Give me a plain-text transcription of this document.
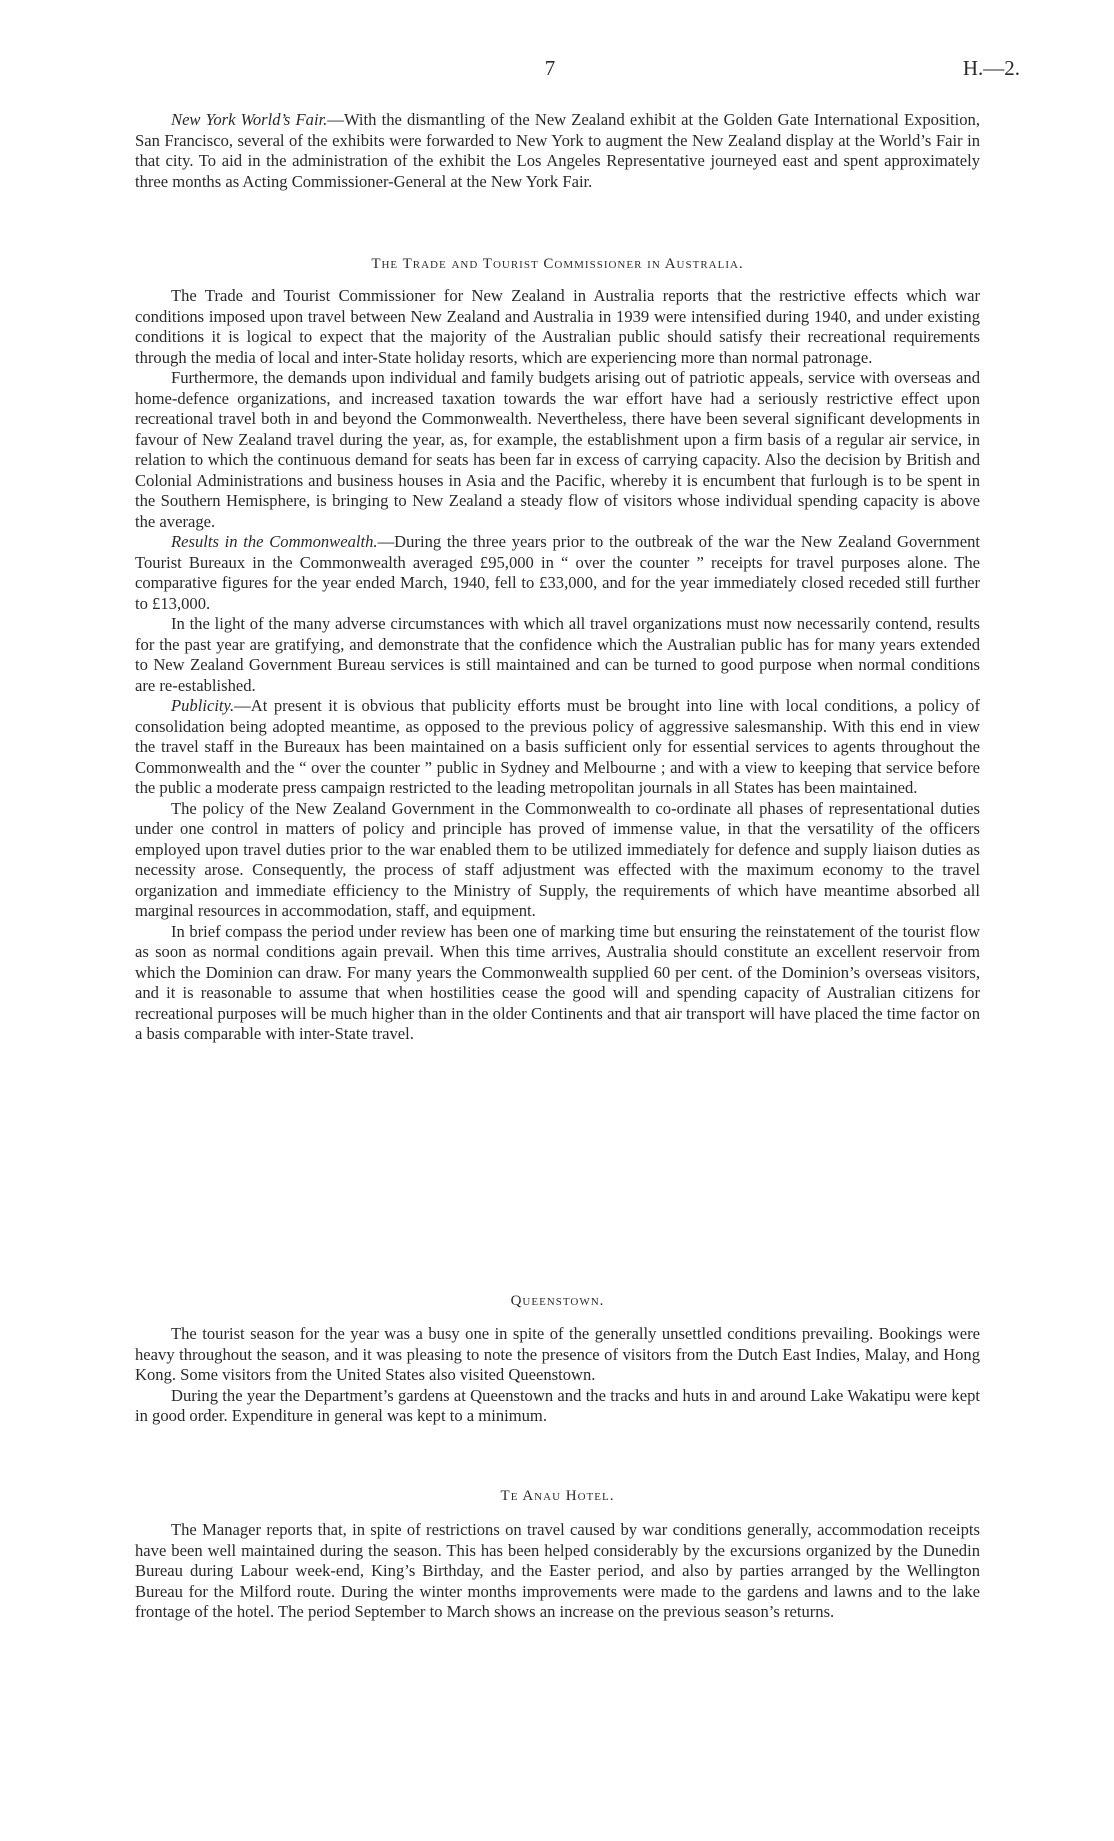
7	H.—2.

New York World’s Fair.—With the dismantling of the New Zealand exhibit at the Golden Gate International Exposition, San Francisco, several of the exhibits were forwarded to New York to augment the New Zealand display at the World’s Fair in that city. To aid in the administration of the exhibit the Los Angeles Representative journeyed east and spent approximately three months as Acting Commissioner-General at the New York Fair.

The Trade and Tourist Commissioner in Australia.

The Trade and Tourist Commissioner for New Zealand in Australia reports that the restrictive effects which war conditions imposed upon travel between New Zealand and Australia in 1939 were intensified during 1940, and under existing conditions it is logical to expect that the majority of the Australian public should satisfy their recreational requirements through the media of local and inter-State holiday resorts, which are experiencing more than normal patronage.

Furthermore, the demands upon individual and family budgets arising out of patriotic appeals, service with overseas and home-defence organizations, and increased taxation towards the war effort have had a seriously restrictive effect upon recreational travel both in and beyond the Commonwealth. Nevertheless, there have been several significant developments in favour of New Zealand travel during the year, as, for example, the establishment upon a firm basis of a regular air service, in relation to which the continuous demand for seats has been far in excess of carrying capacity. Also the decision by British and Colonial Administrations and business houses in Asia and the Pacific, whereby it is encumbent that furlough is to be spent in the Southern Hemisphere, is bringing to New Zealand a steady flow of visitors whose individual spending capacity is above the average.

Results in the Commonwealth.—During the three years prior to the outbreak of the war the New Zealand Government Tourist Bureaux in the Commonwealth averaged £95,000 in “ over the counter ” receipts for travel purposes alone. The comparative figures for the year ended March, 1940, fell to £33,000, and for the year immediately closed receded still further to £13,000.

In the light of the many adverse circumstances with which all travel organizations must now necessarily contend, results for the past year are gratifying, and demonstrate that the confidence which the Australian public has for many years extended to New Zealand Government Bureau services is still maintained and can be turned to good purpose when normal conditions are re-established.

Publicity.—At present it is obvious that publicity efforts must be brought into line with local conditions, a policy of consolidation being adopted meantime, as opposed to the previous policy of aggressive salesmanship. With this end in view the travel staff in the Bureaux has been maintained on a basis sufficient only for essential services to agents throughout the Commonwealth and the “ over the counter ” public in Sydney and Melbourne ; and with a view to keeping that service before the public a moderate press campaign restricted to the leading metropolitan journals in all States has been maintained.

The policy of the New Zealand Government in the Commonwealth to co-ordinate all phases of representational duties under one control in matters of policy and principle has proved of immense value, in that the versatility of the officers employed upon travel duties prior to the war enabled them to be utilized immediately for defence and supply liaison duties as necessity arose. Consequently, the process of staff adjustment was effected with the maximum economy to the travel organization and immediate efficiency to the Ministry of Supply, the requirements of which have meantime absorbed all marginal resources in accommodation, staff, and equipment.

In brief compass the period under review has been one of marking time but ensuring the reinstatement of the tourist flow as soon as normal conditions again prevail. When this time arrives, Australia should constitute an excellent reservoir from which the Dominion can draw. For many years the Commonwealth supplied 60 per cent. of the Dominion’s overseas visitors, and it is reasonable to assume that when hostilities cease the good will and spending capacity of Australian citizens for recreational purposes will be much higher than in the older Continents and that air transport will have placed the time factor on a basis comparable with inter-State travel.

Queenstown.

The tourist season for the year was a busy one in spite of the generally unsettled conditions prevailing. Bookings were heavy throughout the season, and it was pleasing to note the presence of visitors from the Dutch East Indies, Malay, and Hong Kong. Some visitors from the United States also visited Queenstown.

During the year the Department’s gardens at Queenstown and the tracks and huts in and around Lake Wakatipu were kept in good order. Expenditure in general was kept to a minimum.

Te Anau Hotel.

The Manager reports that, in spite of restrictions on travel caused by war conditions generally, accommodation receipts have been well maintained during the season. This has been helped considerably by the excursions organized by the Dunedin Bureau during Labour week-end, King’s Birthday, and the Easter period, and also by parties arranged by the Wellington Bureau for the Milford route. During the winter months improvements were made to the gardens and lawns and to the lake frontage of the hotel. The period September to March shows an increase on the previous season’s returns.
